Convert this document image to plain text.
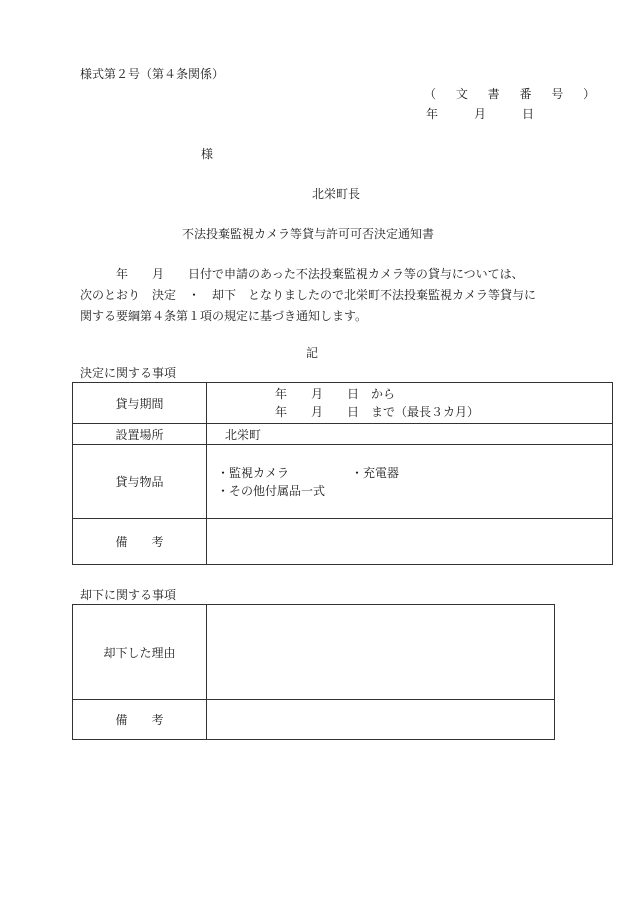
様式第２号（第４条関係）
（ 文 書 番 号 ）
年　　　月　　　日
様
北栄町長
不法投棄監視カメラ等貸与許可可否決定通知書
　　　年　　月　　日付で申請のあった不法投棄監視カメラ等の貸与については、
次のとおり　決定　・　却下　となりましたので北栄町不法投棄監視カメラ等貸与に
関する要綱第４条第１項の規定に基づき通知します。
記
決定に関する事項
貸与期間	年　　月　　日　から
年　　月　　日　まで（最長３カ月）

設置場所	北栄町
貸与物品	・監視カメラ ・充電器
・その他付属品一式

備　　考	
却下に関する事項
却下した理由	
備　　考	
